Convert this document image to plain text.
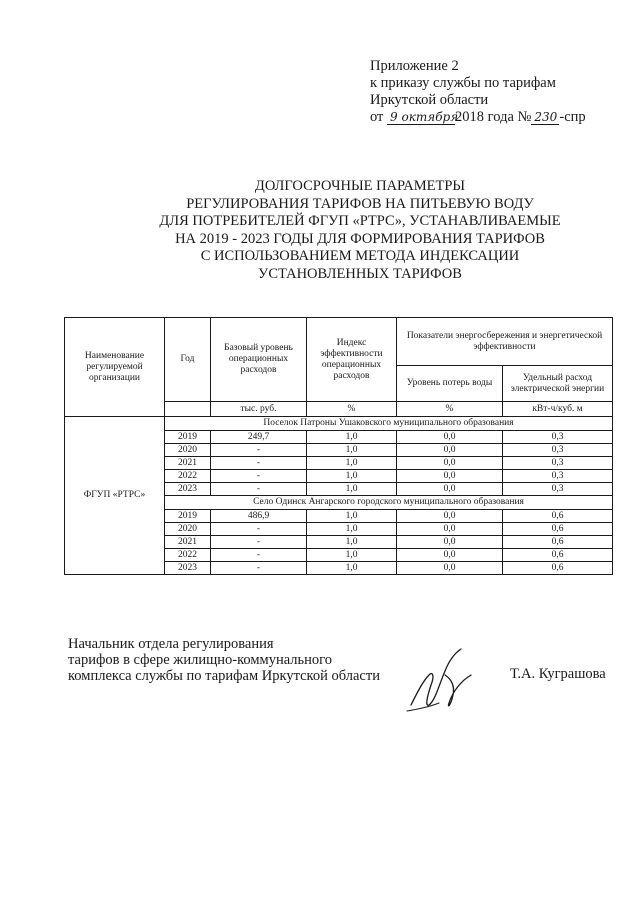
Приложение 2
к приказу службы по тарифам
Иркутской области
от 9 октября2018 года № 230 -спр
ДОЛГОСРОЧНЫЕ ПАРАМЕТРЫ
РЕГУЛИРОВАНИЯ ТАРИФОВ НА ПИТЬЕВУЮ ВОДУ
ДЛЯ ПОТРЕБИТЕЛЕЙ ФГУП «РТРС», УСТАНАВЛИВАЕМЫЕ
НА 2019 - 2023 ГОДЫ ДЛЯ ФОРМИРОВАНИЯ ТАРИФОВ
С ИСПОЛЬЗОВАНИЕМ МЕТОДА ИНДЕКСАЦИИ
УСТАНОВЛЕННЫХ ТАРИФОВ
Наименование регулируемой организации	Год	Базовый уровень операционных расходов	Индекс эффективности операционных расходов	Показатели энергосбережения и энергетической эффективности	
				Уровень потерь воды	Удельный расход электрической энергии
		тыс. руб.	%	%	кВт-ч/куб. м
ФГУП «РТРС»	Поселок Патроны Ушаковского муниципального образования				
	2019	249,7	1,0	0,0	0,3
	2020	-	1,0	0,0	0,3
	2021	-	1,0	0,0	0,3
	2022	-	1,0	0,0	0,3
	2023	-	1,0	0,0	0,3
	Село Одинск Ангарского городского муниципального образования				
	2019	486,9	1,0	0,0	0,6
	2020	-	1,0	0,0	0,6
	2021	-	1,0	0,0	0,6
	2022	-	1,0	0,0	0,6
	2023	-	1,0	0,0	0,6
Начальник отдела регулирования
тарифов в сфере жилищно-коммунального
комплекса службы по тарифам Иркутской области	Т.А. Куграшова
